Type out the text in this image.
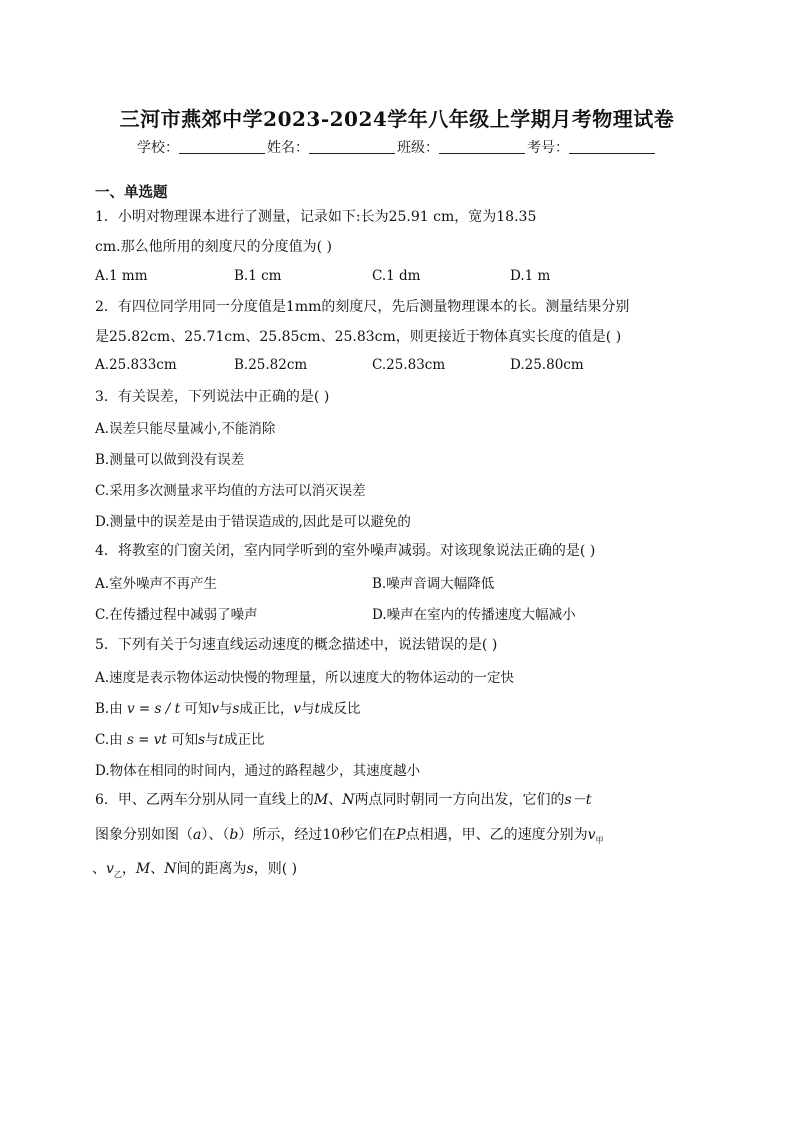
三河市燕郊中学2023-2024学年八年级上学期月考物理试卷
学校：	姓名：	班级：	考号：
一、单选题
1．小明对物理课本进行了测量，记录如下:长为25.91 cm，宽为18.35
cm.那么他所用的刻度尺的分度值为( )
A.1 mm	B.1 cm	C.1 dm	D.1 m
2．有四位同学用同一分度值是1mm的刻度尺，先后测量物理课本的长。测量结果分别
是25.82cm、25.71cm、25.85cm、25.83cm，则更接近于物体真实长度的值是( )
A.25.833cm	B.25.82cm	C.25.83cm	D.25.80cm
3．有关误差，下列说法中正确的是( )
A.误差只能尽量减小,不能消除
B.测量可以做到没有误差
C.采用多次测量求平均值的方法可以消灭误差
D.测量中的误差是由于错误造成的,因此是可以避免的
4．将教室的门窗关闭，室内同学听到的室外噪声减弱。对该现象说法正确的是( )
A.室外噪声不再产生	B.噪声音调大幅降低
C.在传播过程中减弱了噪声	D.噪声在室内的传播速度大幅减小
5．下列有关于匀速直线运动速度的概念描述中，说法错误的是( )
A.速度是表示物体运动快慢的物理量，所以速度大的物体运动的一定快
B.由 v = s / t 可知v与s成正比，v与t成反比
C.由 s = vt 可知s与t成正比
D.物体在相同的时间内，通过的路程越少，其速度越小
6．甲、乙两车分别从同一直线上的M、N两点同时朝同一方向出发，它们的s－t
图象分别如图（a）、（b）所示，经过10秒它们在P点相遇，甲、乙的速度分别为$v_甲$
、$v_乙$，M、N间的距离为s，则( )
